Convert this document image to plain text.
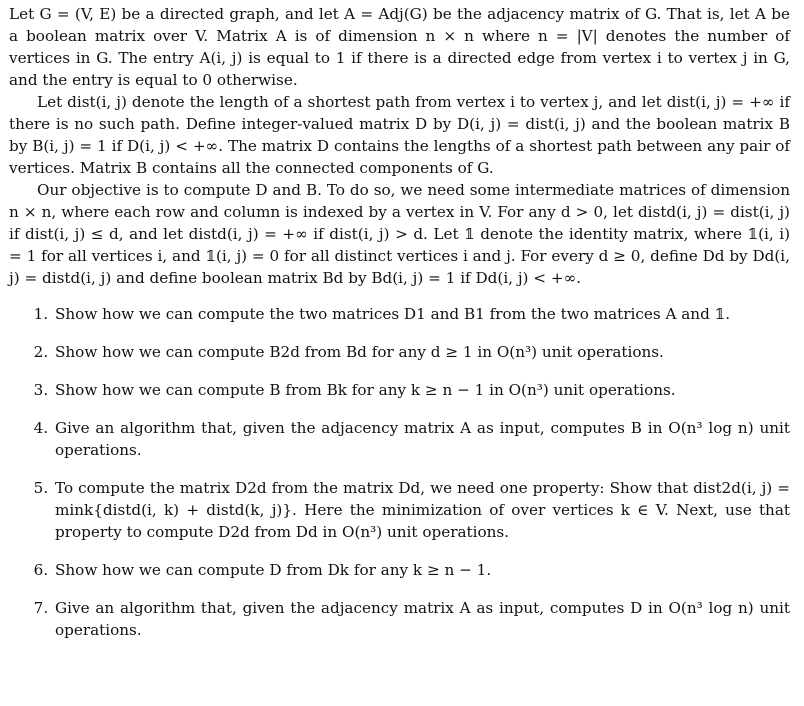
Let G = (V, E) be a directed graph, and let A = Adj(G) be the adjacency matrix of G. That is, let A be a boolean matrix over V. Matrix A is of dimension n × n where n = |V| denotes the number of vertices in G. The entry A(i, j) is equal to 1 if there is a directed edge from vertex i to vertex j in G, and the entry is equal to 0 otherwise.

Let dist(i, j) denote the length of a shortest path from vertex i to vertex j, and let dist(i, j) = +∞ if there is no such path. Define integer-valued matrix D by D(i, j) = dist(i, j) and the boolean matrix B by B(i, j) = 1 if D(i, j) < +∞. The matrix D contains the lengths of a shortest path between any pair of vertices. Matrix B contains all the connected components of G.

Our objective is to compute D and B. To do so, we need some intermediate matrices of dimension n × n, where each row and column is indexed by a vertex in V. For any d > 0, let distd(i, j) = dist(i, j) if dist(i, j) ≤ d, and let distd(i, j) = +∞ if dist(i, j) > d. Let 𝟙 denote the identity matrix, where 𝟙(i, i) = 1 for all vertices i, and 𝟙(i, j) = 0 for all distinct vertices i and j. For every d ≥ 0, define Dd by Dd(i, j) = distd(i, j) and define boolean matrix Bd by Bd(i, j) = 1 if Dd(i, j) < +∞.

1. Show how we can compute the two matrices D1 and B1 from the two matrices A and 𝟙.
2. Show how we can compute B2d from Bd for any d ≥ 1 in O(n³) unit operations.
3. Show how we can compute B from Bk for any k ≥ n − 1 in O(n³) unit operations.
4. Give an algorithm that, given the adjacency matrix A as input, computes B in O(n³ log n) unit operations.
5. To compute the matrix D2d from the matrix Dd, we need one property: Show that dist2d(i, j) = mink{distd(i, k) + distd(k, j)}. Here the minimization of over vertices k ∈ V. Next, use that property to compute D2d from Dd in O(n³) unit operations.
6. Show how we can compute D from Dk for any k ≥ n − 1.
7. Give an algorithm that, given the adjacency matrix A as input, computes D in O(n³ log n) unit operations.
